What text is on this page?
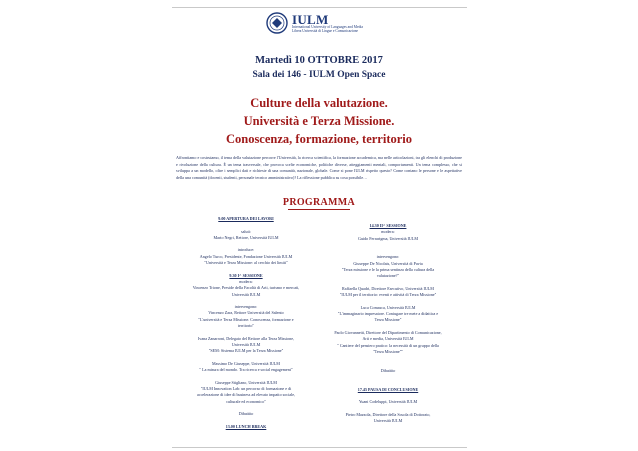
IULM
International University of Languages and Media
Libera Università di Lingue e Comunicazione
Martedì 10 OTTOBRE 2017
Sala dei 146 - IULM Open Space
Culture della valutazione.
Università e Terza Missione.
Conoscenza, formazione, territorio
Affrontiamo e costruiamo, il tema della valutazione percorre l'Università, la ricerca scientifica, la formazione accademica, ma nelle articolazioni, tra gli elenchi di produzione e rivoluzione della cultura. È un tema trasversale, che provoca scelte economiche, politiche diverse, atteggiamenti mentali, comportamenti. Un tema complesso, che si sviluppa a un modello, oltre i semplici dati e richieste di una comunità, nazionale, globale. Come si pone IULM rispetto questo? Come contano le persone e le aspettative della una comunità (docenti, studenti, personale tecnico amministrativo)? La riflessione pubblica su cosa possibile…
PROGRAMMA

9.00 APERTURA DEI LAVORI

saluti:

Mario Negri, Rettore, Università IULM

introduce:

Angelo Turco, Presidente, Fondazione Università IULM

"Università e Terza Missione: al cerchio dei limiti"

9.30 I^ SESSIONE

modera:

Vincenzo Trione, Preside della Facoltà di Arti, turismo e mercati,

Università IULM

intervengono:

Vincenzo Zara, Rettore Università del Salento

"L'università e Terza Missione. Conoscenza, formazione e

territorio"

Ivana Zanarroni, Delegato del Rettore alla Terza Missione,

Università IULM

"SEM: Sistema IULM per la Terza Missione"

Massimo De Giuseppe, Università IULM

" La misura del mondo. Tra ricerca e social engagement"

Giuseppe Stigliano, Università IULM

"IULM Innovation Lab: un percorso di formazione e di

accelerazione di idee di business ad elevato impatto sociale,

culturale ed economico"

Dibattito

13.00 LUNCH BREAK

14.30 II^ SESSIONE

modera:

Guido Ferrarigma, Università IULM

intervengono:

Giuseppe De Nicolais, Università di Pavia

"Terza missione e le la prima sentinza della cultura della

valutazione?"

Raffaella Quadri, Direttore Esecutivo, Università IULM

"IULM per il territorio: eventi e attività di Terza Missione"

Luca Comasca, Università IULM

"L'immaginario impresatore. Coniugare tre mete a didattica e

Terza Missione"

Paolo Giovannetti, Direttore del Dipartimento di Comunicazione,

Arti e media, Università IULM

" Cantiere del pensiero pratico: la necessità di un gruppo della

"Terza Missione""

Dibattito

17.45 PAUSA DI CONCLUSIONE

Yuani Codeluppi, Università IULM

Pietro Mazzola, Direttore della Scuola di Dottorato,

Università IULM
